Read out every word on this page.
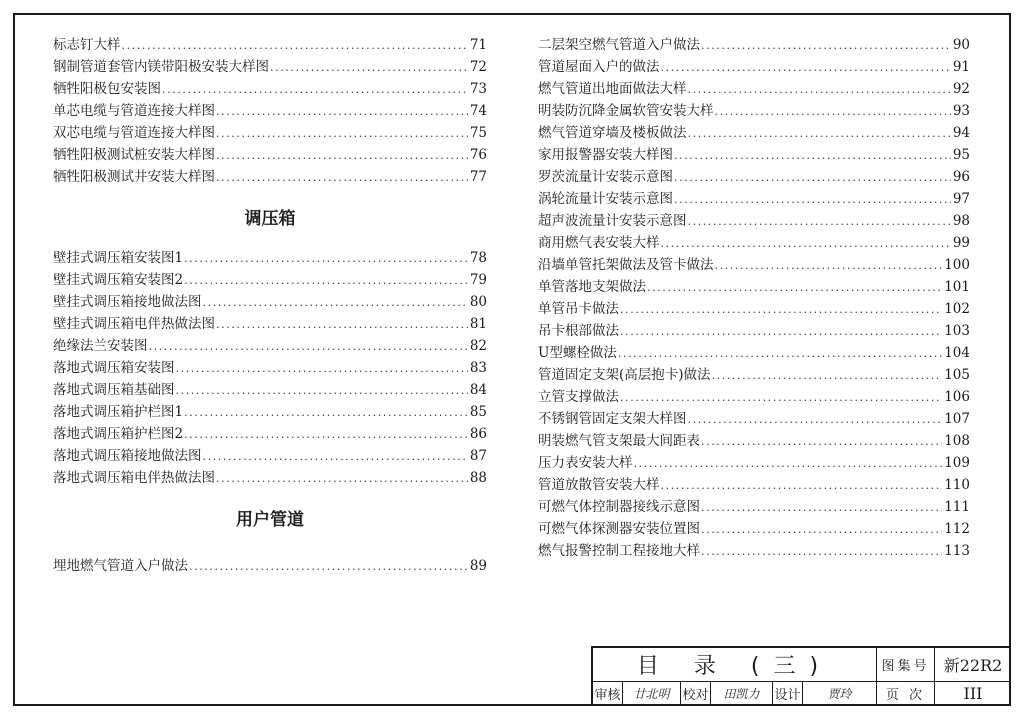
标志钉大样 .....	71
钢制管道套管内镁带阳极安装大样图 .....	72
牺牲阳极包安装图 .....	73
单芯电缆与管道连接大样图 .....	74
双芯电缆与管道连接大样图 .....	75
牺牲阳极测试桩安装大样图 .....	76
牺牲阳极测试井安装大样图 .....	77
调压箱
壁挂式调压箱安装图1 .....	78
壁挂式调压箱安装图2 .....	79
壁挂式调压箱接地做法图 .....	80
壁挂式调压箱电伴热做法图 .....	81
绝缘法兰安装图 .....	82
落地式调压箱安装图 .....	83
落地式调压箱基础图 .....	84
落地式调压箱护栏图1 .....	85
落地式调压箱护栏图2 .....	86
落地式调压箱接地做法图 .....	87
落地式调压箱电伴热做法图 .....	88
用户管道
埋地燃气管道入户做法 .....	89
二层架空燃气管道入户做法 .....	90
管道屋面入户的做法 .....	91
燃气管道出地面做法大样 .....	92
明装防沉降金属软管安装大样 .....	93
燃气管道穿墙及楼板做法 .....	94
家用报警器安装大样图 .....	95
罗茨流量计安装示意图 .....	96
涡轮流量计安装示意图 .....	97
超声波流量计安装示意图 .....	98
商用燃气表安装大样 .....	99
沿墙单管托架做法及管卡做法 .....	100
单管落地支架做法 .....	101
单管吊卡做法 .....	102
吊卡根部做法 .....	103
U型螺栓做法 .....	104
管道固定支架(高层抱卡)做法 .....	105
立管支撑做法 .....	106
不锈钢管固定支架大样图 .....	107
明装燃气管支架最大间距表 .....	108
压力表安装大样 .....	109
管道放散管安装大样 .....	110
可燃气体控制器接线示意图 .....	111
可燃气体探测器安装位置图 .....	112
燃气报警控制工程接地大样 .....	113
目 录 (三)	图集号 新22R2
审核	廿北明 校对	田凯力	设计	贾玲	页 次	III
